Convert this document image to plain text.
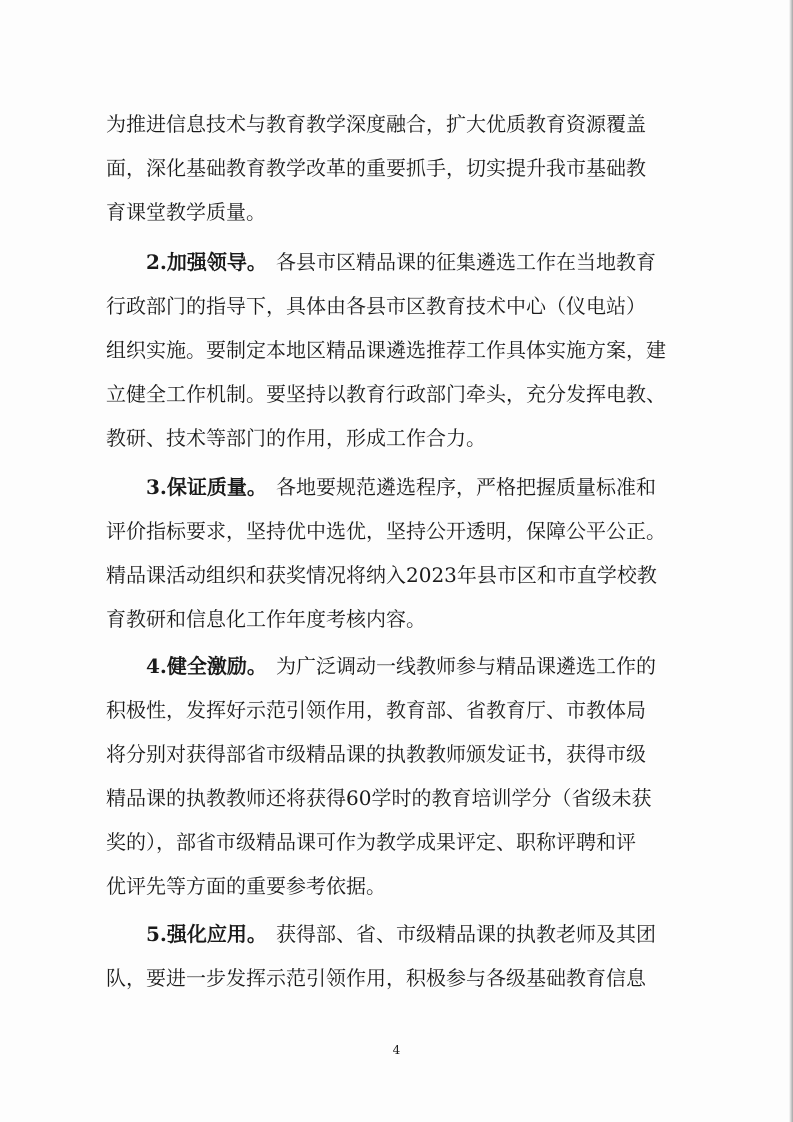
为推进信息技术与教育教学深度融合，扩大优质教育资源覆盖
面，深化基础教育教学改革的重要抓手，切实提升我市基础教
育课堂教学质量。
2.加强领导。 各县市区精品课的征集遴选工作在当地教育
行政部门的指导下，具体由各县市区教育技术中心（仪电站）
组织实施。要制定本地区精品课遴选推荐工作具体实施方案，建
立健全工作机制。要坚持以教育行政部门牵头，充分发挥电教、
教研、技术等部门的作用，形成工作合力。
3.保证质量。 各地要规范遴选程序，严格把握质量标准和
评价指标要求，坚持优中选优，坚持公开透明，保障公平公正。
精品课活动组织和获奖情况将纳入2023年县市区和市直学校教
育教研和信息化工作年度考核内容。
4.健全激励。 为广泛调动一线教师参与精品课遴选工作的
积极性，发挥好示范引领作用，教育部、省教育厅、市教体局
将分别对获得部省市级精品课的执教教师颁发证书，获得市级
精品课的执教教师还将获得60学时的教育培训学分（省级未获
奖的），部省市级精品课可作为教学成果评定、职称评聘和评
优评先等方面的重要参考依据。
5.强化应用。 获得部、省、市级精品课的执教老师及其团
队，要进一步发挥示范引领作用，积极参与各级基础教育信息
4
